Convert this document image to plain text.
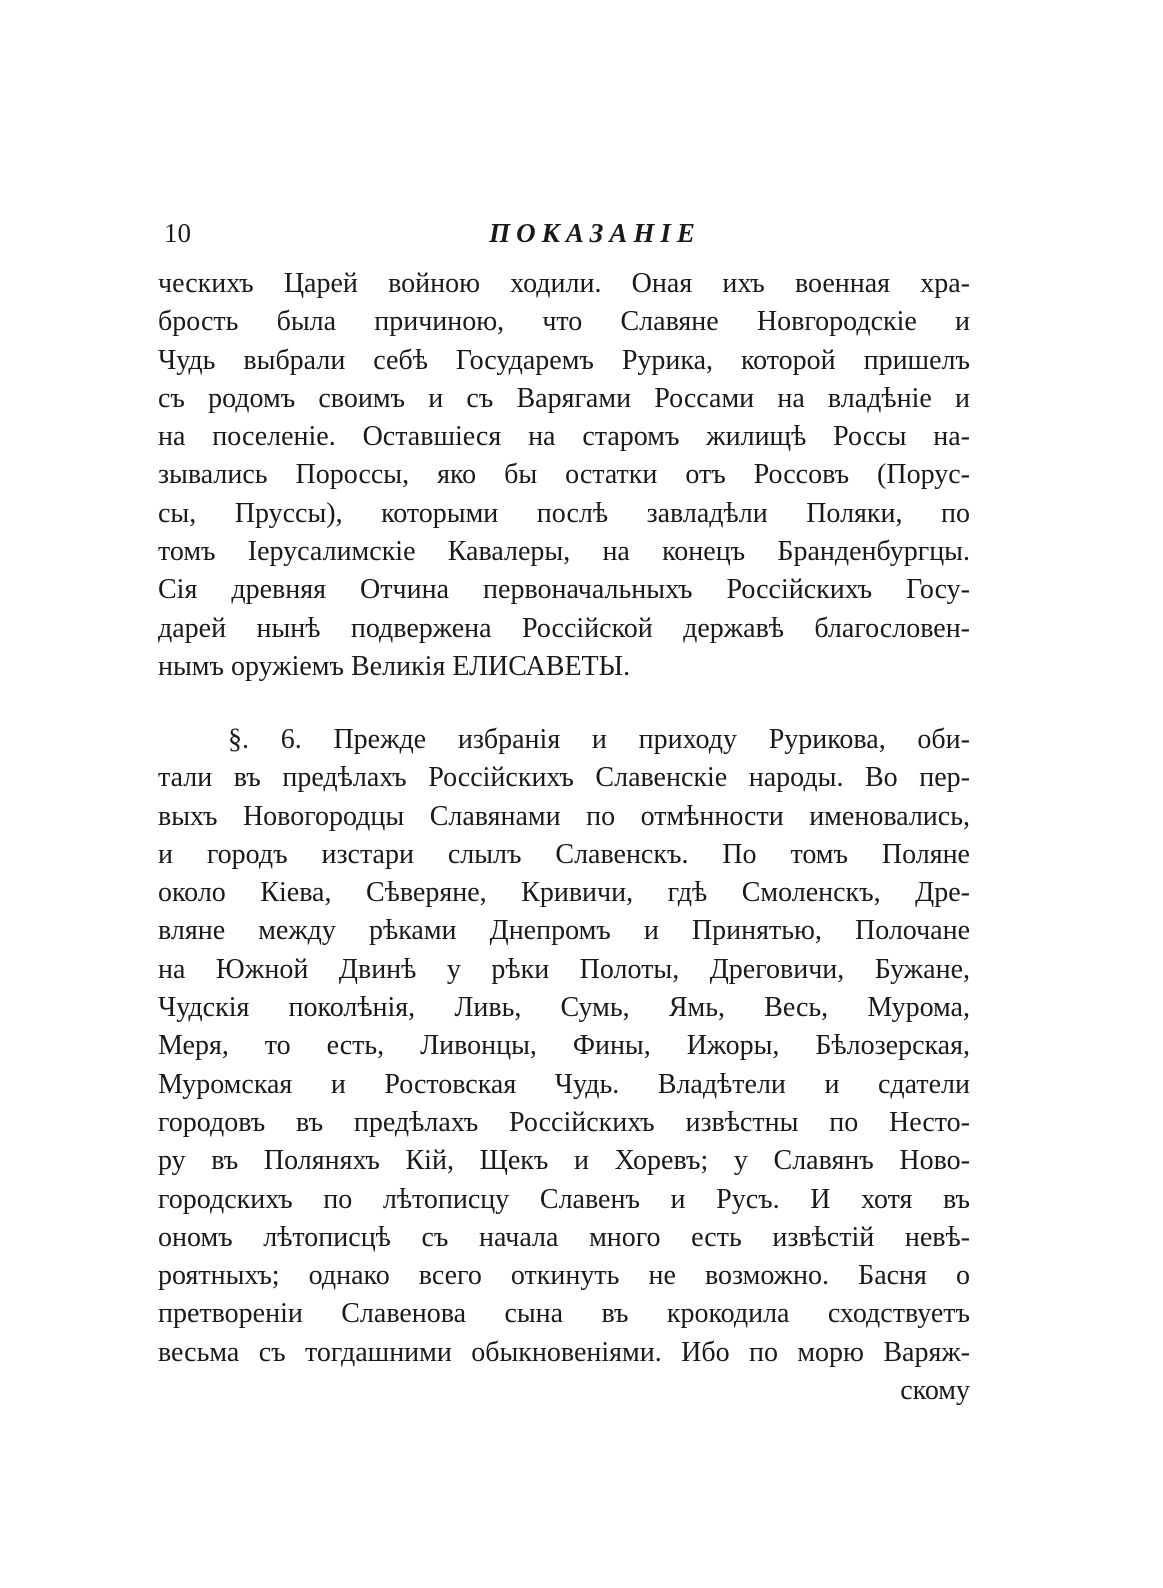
10	ПОКАЗАНIЕ
ческихъ Царей войною ходили. Оная ихъ военная хра-
брость была причиною, что Славяне Новгородскiе и
Чудь выбрали себѣ Государемъ Рурика, которой пришелъ
съ родомъ своимъ и съ Варягами Россами на владѣнiе и
на поселенiе. Оставшiеся на старомъ жилищѣ Россы на-
зывались Пороссы, яко бы остатки отъ Россовъ (Порус-
сы, Пруссы), которыми послѣ завладѣли Поляки, по
томъ Iерусалимскiе Кавалеры, на конецъ Бранденбургцы.
Сiя древняя Отчина первоначальныхъ Россiйскихъ Госу-
дарей нынѣ подвержена Россiйской державѣ благословен-
нымъ оружiемъ Великiя ЕЛИСАВЕТЫ.
§. 6. Прежде избранiя и приходу Рурикова, оби-
тали въ предѣлахъ Россiйскихъ Славенскiе народы. Во пер-
выхъ Новогородцы Славянами по отмѣнности именовались,
и городъ изстари слылъ Славенскъ. По томъ Поляне
около Кiева, Сѣверяне, Кривичи, гдѣ Смоленскъ, Дре-
вляне между рѣками Днепромъ и Принятью, Полочане
на Южной Двинѣ у рѣки Полоты, Дреговичи, Бужане,
Чудскiя поколѣнiя, Ливь, Сумь, Ямь, Весь, Мурома,
Меря, то есть, Ливонцы, Фины, Ижоры, Бѣлозерская,
Муромская и Ростовская Чудь. Владѣтели и сдатели
городовъ въ предѣлахъ Россiйскихъ извѣстны по Несто-
ру въ Поляняхъ Кiй, Щекъ и Хоревъ; у Славянъ Ново-
городскихъ по лѣтописцу Славенъ и Русъ. И хотя въ
ономъ лѣтописцѣ съ начала много есть извѣстiй невѣ-
роятныхъ; однако всего откинуть не возможно. Басня о
претворенiи Славенова сына въ крокодила сходствуетъ
весьма съ тогдашними обыкновенiями. Ибо по морю Варяж-
скому
